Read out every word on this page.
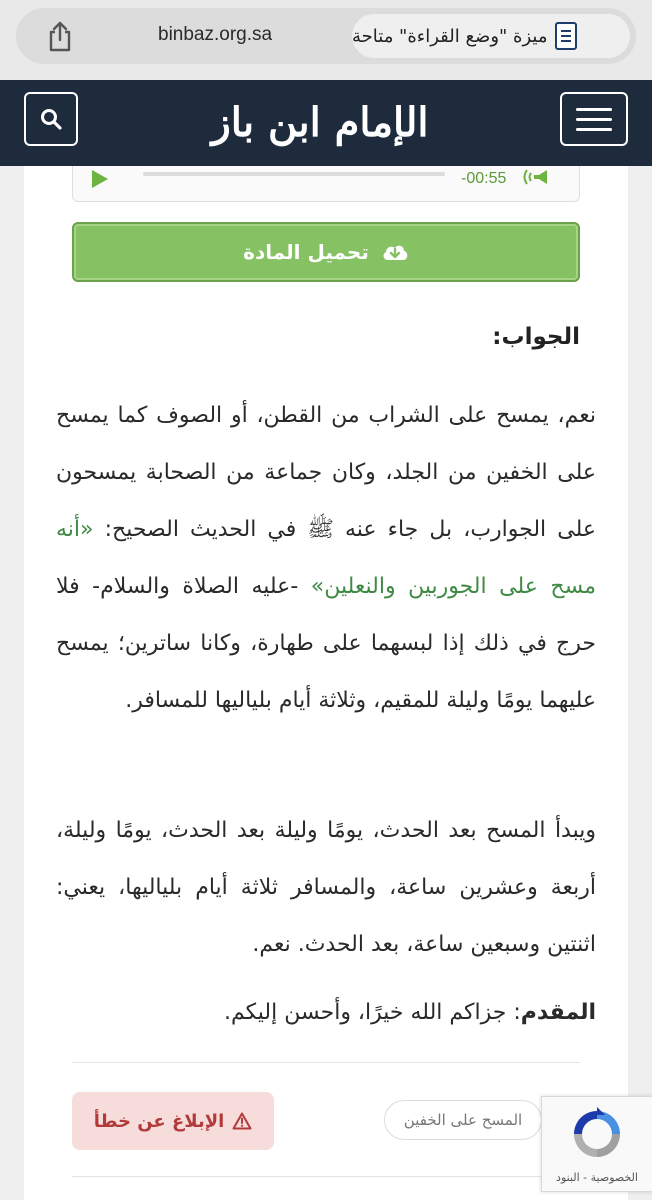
binbaz.org.sa	ميزة "وضع القراءة" متاحة
الإمام ابن باز
-00:55
تحميل المادة
الجواب:

نعم، يمسح على الشراب من القطن، أو الصوف كما يمسح على الخفين من الجلد، وكان جماعة من الصحابة يمسحون على الجوارب، بل جاء عنه ﷺ في الحديث الصحيح: «أنه مسح على الجوربين والنعلين» -عليه الصلاة والسلام- فلا حرج في ذلك إذا لبسهما على طهارة، وكانا ساترين؛ يمسح عليهما يومًا وليلة للمقيم، وثلاثة أيام بلياليها للمسافر.

ويبدأ المسح بعد الحدث، يومًا وليلة بعد الحدث، يومًا وليلة، أربعة وعشرين ساعة، والمسافر ثلاثة أيام بلياليها، يعني: اثنتين وسبعين ساعة، بعد الحدث. نعم.

المقدم: جزاكم الله خيرًا، وأحسن إليكم.

الإبلاغ عن خطأ	المسح على الخفين
الخصوصية - البنود
